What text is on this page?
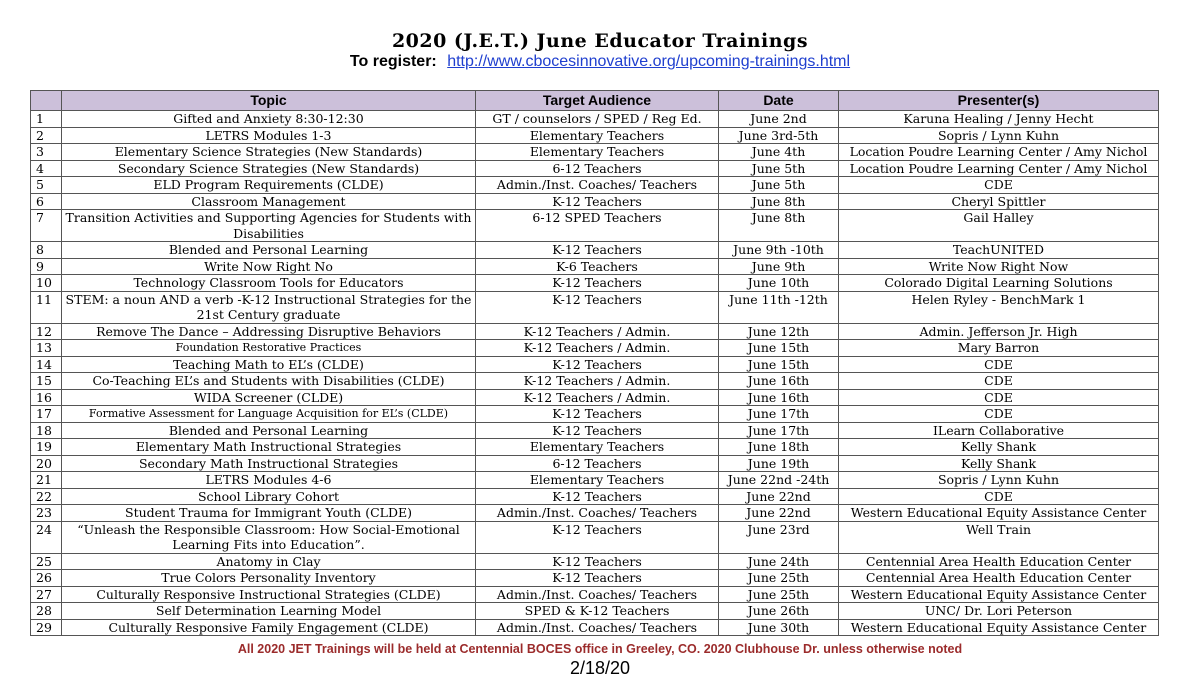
2020 (J.E.T.) June Educator Trainings
To register: http://www.cbocesinnovative.org/upcoming-trainings.html
	Topic	Target Audience	Date	Presenter(s)
1	Gifted and Anxiety 8:30-12:30	GT / counselors / SPED / Reg Ed.	June 2nd	Karuna Healing / Jenny Hecht
2	LETRS Modules 1-3	Elementary Teachers	June 3rd-5th	Sopris / Lynn Kuhn
3	Elementary Science Strategies (New Standards)	Elementary Teachers	June 4th	Location Poudre Learning Center / Amy Nichol
4	Secondary Science Strategies (New Standards)	6-12 Teachers	June 5th	Location Poudre Learning Center / Amy Nichol
5	ELD Program Requirements (CLDE)	Admin./Inst. Coaches/ Teachers	June 5th	CDE
6	Classroom Management	K-12 Teachers	June 8th	Cheryl Spittler
7	Transition Activities and Supporting Agencies for Students with Disabilities	6-12 SPED Teachers	June 8th	Gail Halley
8	Blended and Personal Learning	K-12 Teachers	June 9th -10th	TeachUNITED
9	Write Now Right No	K-6 Teachers	June 9th	Write Now Right Now
10	Technology Classroom Tools for Educators	K-12 Teachers	June 10th	Colorado Digital Learning Solutions
11	STEM: a noun AND a verb -K-12 Instructional Strategies for the 21st Century graduate	K-12 Teachers	June 11th -12th	Helen Ryley - BenchMark 1
12	Remove The Dance – Addressing Disruptive Behaviors	K-12 Teachers / Admin.	June 12th	Admin. Jefferson Jr. High
13	Foundation Restorative Practices	K-12 Teachers / Admin.	June 15th	Mary Barron
14	Teaching Math to EL’s (CLDE)	K-12 Teachers	June 15th	CDE
15	Co-Teaching EL’s and Students with Disabilities (CLDE)	K-12 Teachers / Admin.	June 16th	CDE
16	WIDA Screener (CLDE)	K-12 Teachers / Admin.	June 16th	CDE
17	Formative Assessment for Language Acquisition for EL’s (CLDE)	K-12 Teachers	June 17th	CDE
18	Blended and Personal Learning	K-12 Teachers	June 17th	ILearn Collaborative
19	Elementary Math Instructional Strategies	Elementary Teachers	June 18th	Kelly Shank
20	Secondary Math Instructional Strategies	6-12 Teachers	June 19th	Kelly Shank
21	LETRS Modules 4-6	Elementary Teachers	June 22nd -24th	Sopris / Lynn Kuhn
22	School Library Cohort	K-12 Teachers	June 22nd	CDE
23	Student Trauma for Immigrant Youth (CLDE)	Admin./Inst. Coaches/ Teachers	June 22nd	Western Educational Equity Assistance Center
24	“Unleash the Responsible Classroom: How Social-Emotional Learning Fits into Education”.	K-12 Teachers	June 23rd	Well Train
25	Anatomy in Clay	K-12 Teachers	June 24th	Centennial Area Health Education Center
26	True Colors Personality Inventory	K-12 Teachers	June 25th	Centennial Area Health Education Center
27	Culturally Responsive Instructional Strategies (CLDE)	Admin./Inst. Coaches/ Teachers	June 25th	Western Educational Equity Assistance Center
28	Self Determination Learning Model	SPED & K-12 Teachers	June 26th	UNC/ Dr. Lori Peterson
29	Culturally Responsive Family Engagement (CLDE)	Admin./Inst. Coaches/ Teachers	June 30th	Western Educational Equity Assistance Center
All 2020 JET Trainings will be held at Centennial BOCES office in Greeley, CO. 2020 Clubhouse Dr. unless otherwise noted
2/18/20
